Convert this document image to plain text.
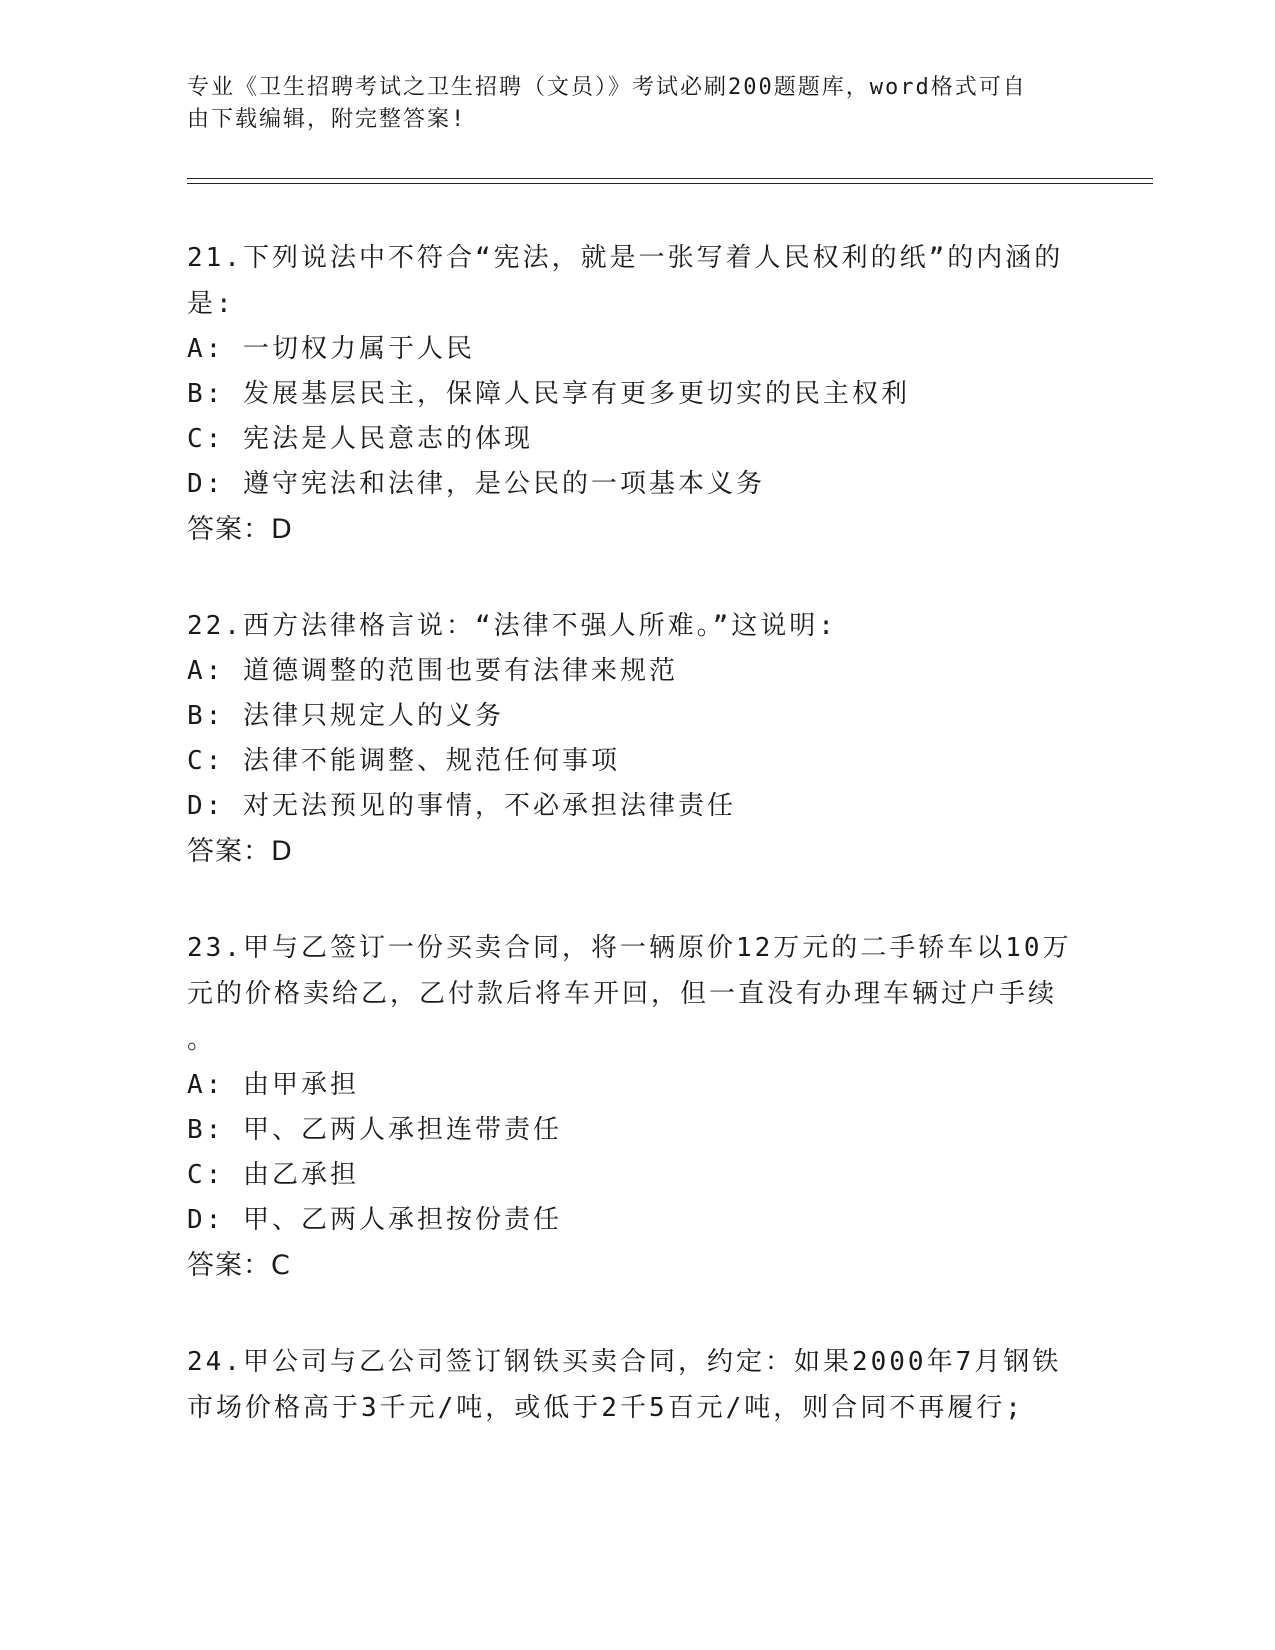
专业《卫生招聘考试之卫生招聘（文员）》考试必刷200题题库，word格式可自
由下载编辑，附完整答案!
21.下列说法中不符合“宪法，就是一张写着人民权利的纸”的内涵的
是:
A: 一切权力属于人民
B: 发展基层民主，保障人民享有更多更切实的民主权利
C: 宪法是人民意志的体现
D: 遵守宪法和法律，是公民的一项基本义务
答案：D
22.西方法律格言说：“法律不强人所难。”这说明:
A: 道德调整的范围也要有法律来规范
B: 法律只规定人的义务
C: 法律不能调整、规范任何事项
D: 对无法预见的事情，不必承担法律责任
答案：D
23.甲与乙签订一份买卖合同，将一辆原价12万元的二手轿车以10万
元的价格卖给乙，乙付款后将车开回，但一直没有办理车辆过户手续
。
A: 由甲承担
B: 甲、乙两人承担连带责任
C: 由乙承担
D: 甲、乙两人承担按份责任
答案：C
24.甲公司与乙公司签订钢铁买卖合同，约定：如果2000年7月钢铁
市场价格高于3千元/吨，或低于2千5百元/吨，则合同不再履行;
